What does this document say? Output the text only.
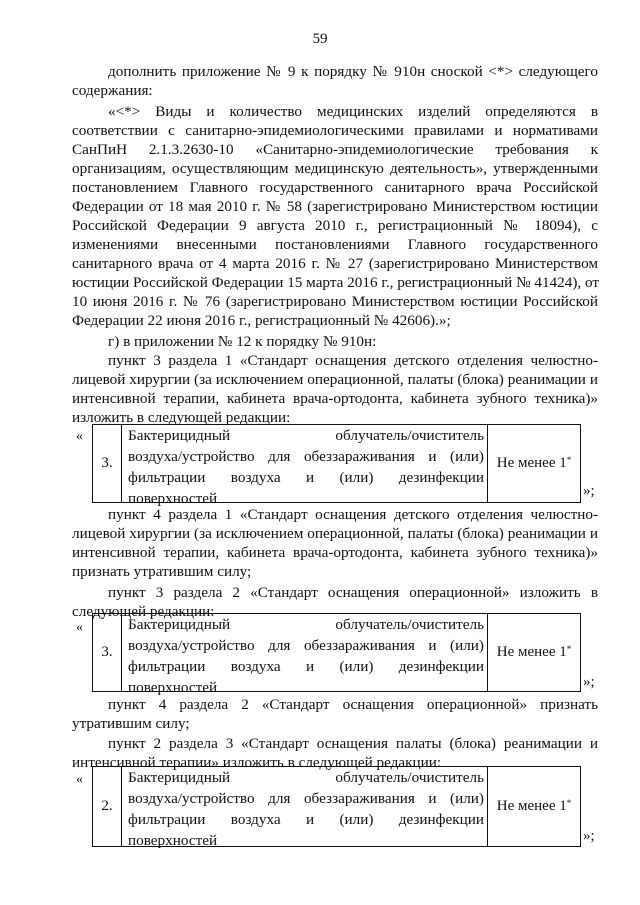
59
дополнить приложение № 9 к порядку № 910н сноской <*> следующего
содержания:
«<*> Виды и количество медицинских изделий определяются в
соответствии с санитарно-эпидемиологическими правилами и нормативами
СанПиН 2.1.3.2630-10 «Санитарно-эпидемиологические требования к
организациям, осуществляющим медицинскую деятельность», утвержденными
постановлением Главного государственного санитарного врача Российской
Федерации от 18 мая 2010 г. № 58 (зарегистрировано Министерством юстиции
Российской Федерации 9 августа 2010 г., регистрационный № 18094), с
изменениями внесенными постановлениями Главного государственного
санитарного врача от 4 марта 2016 г. № 27 (зарегистрировано Министерством
юстиции Российской Федерации 15 марта 2016 г., регистрационный № 41424), от
10 июня 2016 г. № 76 (зарегистрировано Министерством юстиции Российской
Федерации 22 июня 2016 г., регистрационный № 42606).»;
г) в приложении № 12 к порядку № 910н:
пункт 3 раздела 1 «Стандарт оснащения детского отделения челюстно-
лицевой хирургии (за исключением операционной, палаты (блока) реанимации и
интенсивной терапии, кабинета врача-ортодонта, кабинета зубного техника)»
изложить в следующей редакции:
«
3.
Бактерицидный облучатель/очиститель
воздуха/устройство для обеззараживания и (или)
фильтрации воздуха и (или) дезинфекции
поверхностей
Не менее 1*
»;
пункт 4 раздела 1 «Стандарт оснащения детского отделения челюстно-
лицевой хирургии (за исключением операционной, палаты (блока) реанимации и
интенсивной терапии, кабинета врача-ортодонта, кабинета зубного техника)»
признать утратившим силу;
пункт 3 раздела 2 «Стандарт оснащения операционной» изложить в
следующей редакции:
«
3.
Бактерицидный облучатель/очиститель
воздуха/устройство для обеззараживания и (или)
фильтрации воздуха и (или) дезинфекции
поверхностей
Не менее 1*
»;
пункт 4 раздела 2 «Стандарт оснащения операционной» признать
утратившим силу;
пункт 2 раздела 3 «Стандарт оснащения палаты (блока) реанимации и
интенсивной терапии» изложить в следующей редакции:
«
2.
Бактерицидный облучатель/очиститель
воздуха/устройство для обеззараживания и (или)
фильтрации воздуха и (или) дезинфекции
поверхностей
Не менее 1*
»;
